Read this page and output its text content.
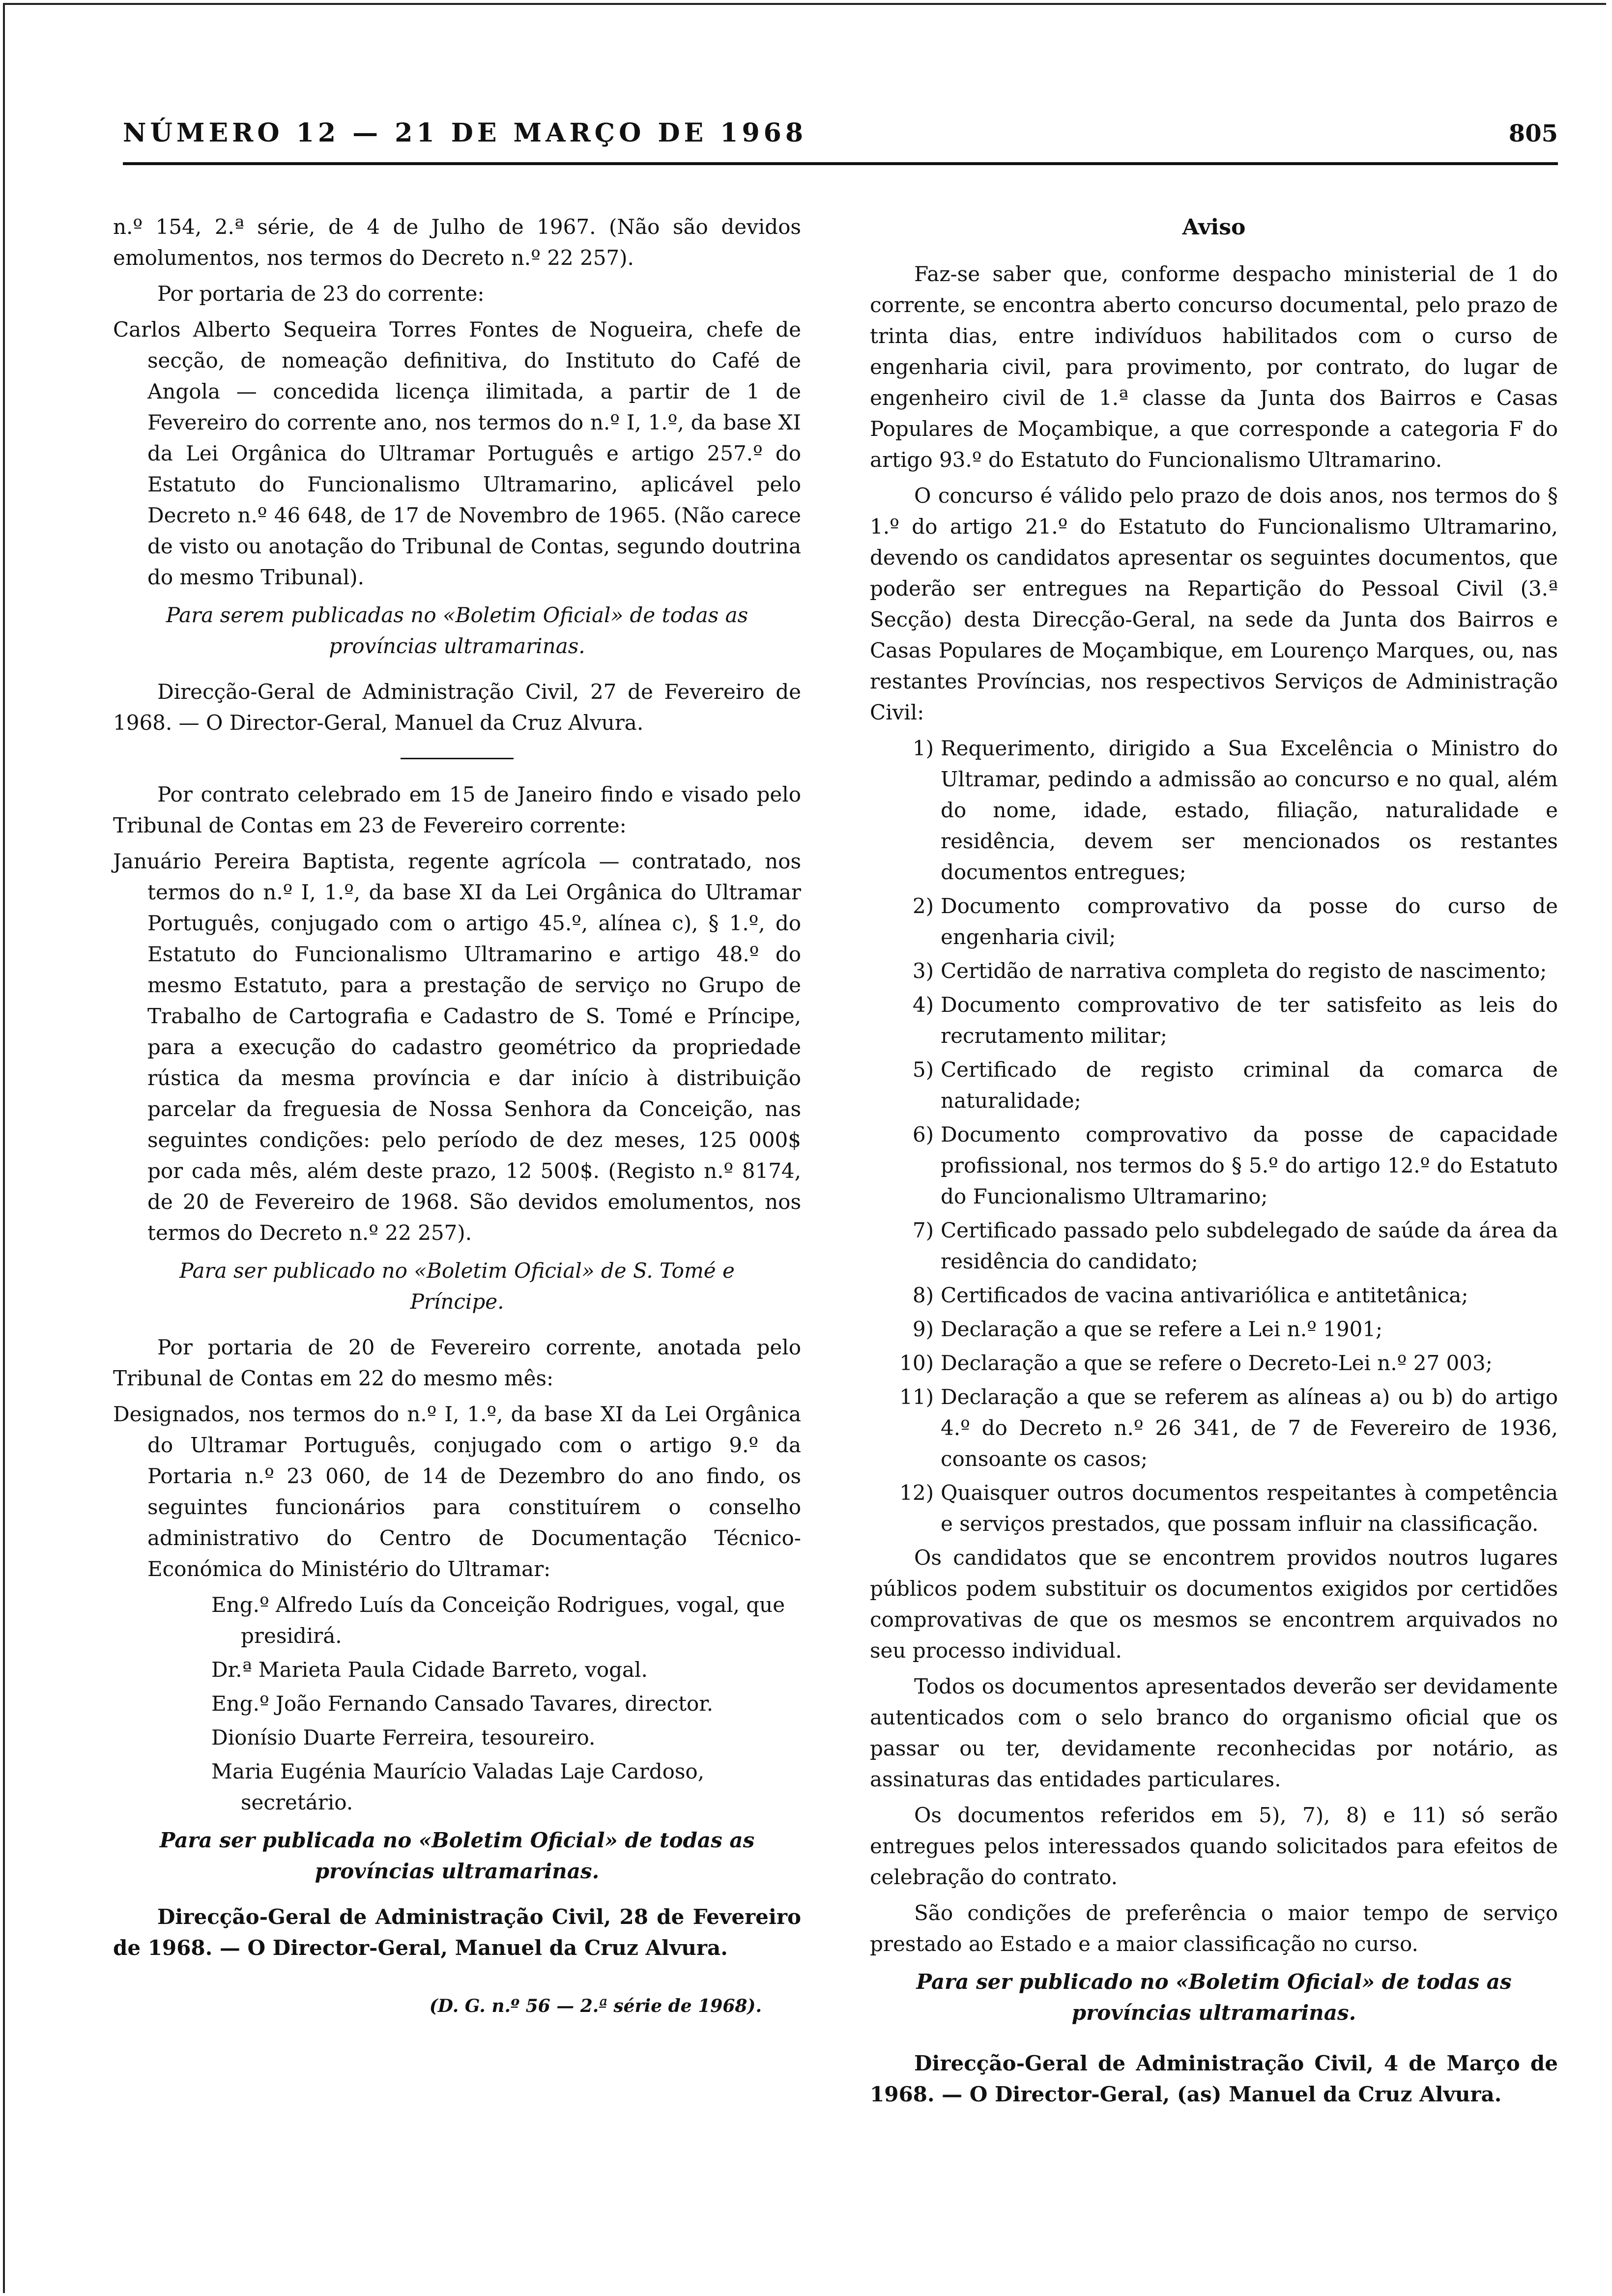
NÚMERO 12 — 21 DE MARÇO DE 1968	805

n.º 154, 2.ª série, de 4 de Julho de 1967. (Não são devidos emolumentos, nos termos do Decreto n.º 22 257).

Por portaria de 23 do corrente:

Carlos Alberto Sequeira Torres Fontes de Nogueira, chefe de secção, de nomeação definitiva, do Instituto do Café de Angola — concedida licença ilimitada, a partir de 1 de Fevereiro do corrente ano, nos termos do n.º I, 1.º, da base XI da Lei Orgânica do Ultramar Português e artigo 257.º do Estatuto do Funcionalismo Ultramarino, aplicável pelo Decreto n.º 46 648, de 17 de Novembro de 1965. (Não carece de visto ou anotação do Tribunal de Contas, segundo doutrina do mesmo Tribunal).

Para serem publicadas no «Boletim Oficial» de todas as províncias ultramarinas.

Direcção-Geral de Administração Civil, 27 de Fevereiro de 1968. — O Director-Geral, Manuel da Cruz Alvura.

Por contrato celebrado em 15 de Janeiro findo e visado pelo Tribunal de Contas em 23 de Fevereiro corrente:

Januário Pereira Baptista, regente agrícola — contratado, nos termos do n.º I, 1.º, da base XI da Lei Orgânica do Ultramar Português, conjugado com o artigo 45.º, alínea c), § 1.º, do Estatuto do Funcionalismo Ultramarino e artigo 48.º do mesmo Estatuto, para a prestação de serviço no Grupo de Trabalho de Cartografia e Cadastro de S. Tomé e Príncipe, para a execução do cadastro geométrico da propriedade rústica da mesma província e dar início à distribuição parcelar da freguesia de Nossa Senhora da Conceição, nas seguintes condições: pelo período de dez meses, 125 000$ por cada mês, além deste prazo, 12 500$. (Registo n.º 8174, de 20 de Fevereiro de 1968. São devidos emolumentos, nos termos do Decreto n.º 22 257).

Para ser publicado no «Boletim Oficial» de S. Tomé e Príncipe.

Por portaria de 20 de Fevereiro corrente, anotada pelo Tribunal de Contas em 22 do mesmo mês:

Designados, nos termos do n.º I, 1.º, da base XI da Lei Orgânica do Ultramar Português, conjugado com o artigo 9.º da Portaria n.º 23 060, de 14 de Dezembro do ano findo, os seguintes funcionários para constituírem o conselho administrativo do Centro de Documentação Técnico-Económica do Ministério do Ultramar:

Eng.º Alfredo Luís da Conceição Rodrigues, vogal, que presidirá.

Dr.ª Marieta Paula Cidade Barreto, vogal.

Eng.º João Fernando Cansado Tavares, director.

Dionísio Duarte Ferreira, tesoureiro.

Maria Eugénia Maurício Valadas Laje Cardoso, secretário.

Para ser publicada no «Boletim Oficial» de todas as províncias ultramarinas.

Direcção-Geral de Administração Civil, 28 de Fevereiro de 1968. — O Director-Geral, Manuel da Cruz Alvura.

(D. G. n.º 56 — 2.ª série de 1968).
Aviso

Faz-se saber que, conforme despacho ministerial de 1 do corrente, se encontra aberto concurso documental, pelo prazo de trinta dias, entre indivíduos habilitados com o curso de engenharia civil, para provimento, por contrato, do lugar de engenheiro civil de 1.ª classe da Junta dos Bairros e Casas Populares de Moçambique, a que corresponde a categoria F do artigo 93.º do Estatuto do Funcionalismo Ultramarino.

O concurso é válido pelo prazo de dois anos, nos termos do § 1.º do artigo 21.º do Estatuto do Funcionalismo Ultramarino, devendo os candidatos apresentar os seguintes documentos, que poderão ser entregues na Repartição do Pessoal Civil (3.ª Secção) desta Direcção-Geral, na sede da Junta dos Bairros e Casas Populares de Moçambique, em Lourenço Marques, ou, nas restantes Províncias, nos respectivos Serviços de Administração Civil:

1) Requerimento, dirigido a Sua Excelência o Ministro do Ultramar, pedindo a admissão ao concurso e no qual, além do nome, idade, estado, filiação, naturalidade e residência, devem ser mencionados os restantes documentos entregues;
2) Documento comprovativo da posse do curso de engenharia civil;
3) Certidão de narrativa completa do registo de nascimento;
4) Documento comprovativo de ter satisfeito as leis do recrutamento militar;
5) Certificado de registo criminal da comarca de naturalidade;
6) Documento comprovativo da posse de capacidade profissional, nos termos do § 5.º do artigo 12.º do Estatuto do Funcionalismo Ultramarino;
7) Certificado passado pelo subdelegado de saúde da área da residência do candidato;
8) Certificados de vacina antivariólica e antitetânica;
9) Declaração a que se refere a Lei n.º 1901;
10) Declaração a que se refere o Decreto-Lei n.º 27 003;
11) Declaração a que se referem as alíneas a) ou b) do artigo 4.º do Decreto n.º 26 341, de 7 de Fevereiro de 1936, consoante os casos;
12) Quaisquer outros documentos respeitantes à competência e serviços prestados, que possam influir na classificação.

Os candidatos que se encontrem providos noutros lugares públicos podem substituir os documentos exigidos por certidões comprovativas de que os mesmos se encontrem arquivados no seu processo individual.

Todos os documentos apresentados deverão ser devidamente autenticados com o selo branco do organismo oficial que os passar ou ter, devidamente reconhecidas por notário, as assinaturas das entidades particulares.

Os documentos referidos em 5), 7), 8) e 11) só serão entregues pelos interessados quando solicitados para efeitos de celebração do contrato.

São condições de preferência o maior tempo de serviço prestado ao Estado e a maior classificação no curso.

Para ser publicado no «Boletim Oficial» de todas as províncias ultramarinas.

Direcção-Geral de Administração Civil, 4 de Março de 1968. — O Director-Geral, (as) Manuel da Cruz Alvura.
